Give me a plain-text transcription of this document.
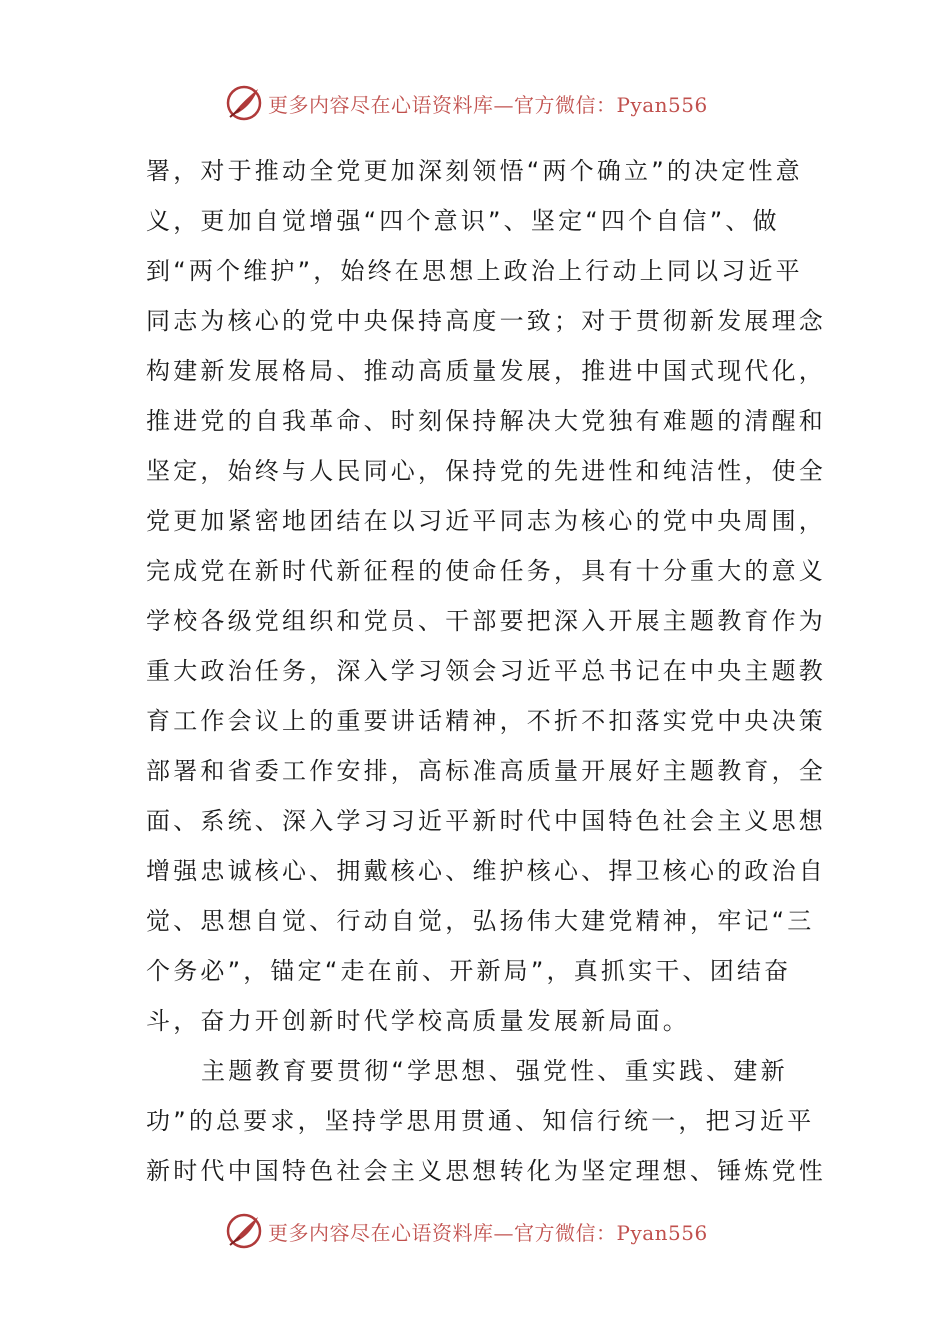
更多内容尽在心语资料库—官方微信：Pyan556
署，对于推动全党更加深刻领悟“两个确立”的决定性意
义，更加自觉增强“四个意识”、坚定“四个自信”、做
到“两个维护”，始终在思想上政治上行动上同以习近平
同志为核心的党中央保持高度一致；对于贯彻新发展理念
构建新发展格局、推动高质量发展，推进中国式现代化，
推进党的自我革命、时刻保持解决大党独有难题的清醒和
坚定，始终与人民同心，保持党的先进性和纯洁性，使全
党更加紧密地团结在以习近平同志为核心的党中央周围，
完成党在新时代新征程的使命任务，具有十分重大的意义
学校各级党组织和党员、干部要把深入开展主题教育作为
重大政治任务，深入学习领会习近平总书记在中央主题教
育工作会议上的重要讲话精神，不折不扣落实党中央决策
部署和省委工作安排，高标准高质量开展好主题教育，全
面、系统、深入学习习近平新时代中国特色社会主义思想
增强忠诚核心、拥戴核心、维护核心、捍卫核心的政治自
觉、思想自觉、行动自觉，弘扬伟大建党精神，牢记“三
个务必”，锚定“走在前、开新局”，真抓实干、团结奋
斗，奋力开创新时代学校高质量发展新局面。
主题教育要贯彻“学思想、强党性、重实践、建新
功”的总要求，坚持学思用贯通、知信行统一，把习近平
新时代中国特色社会主义思想转化为坚定理想、锤炼党性
更多内容尽在心语资料库—官方微信：Pyan556
